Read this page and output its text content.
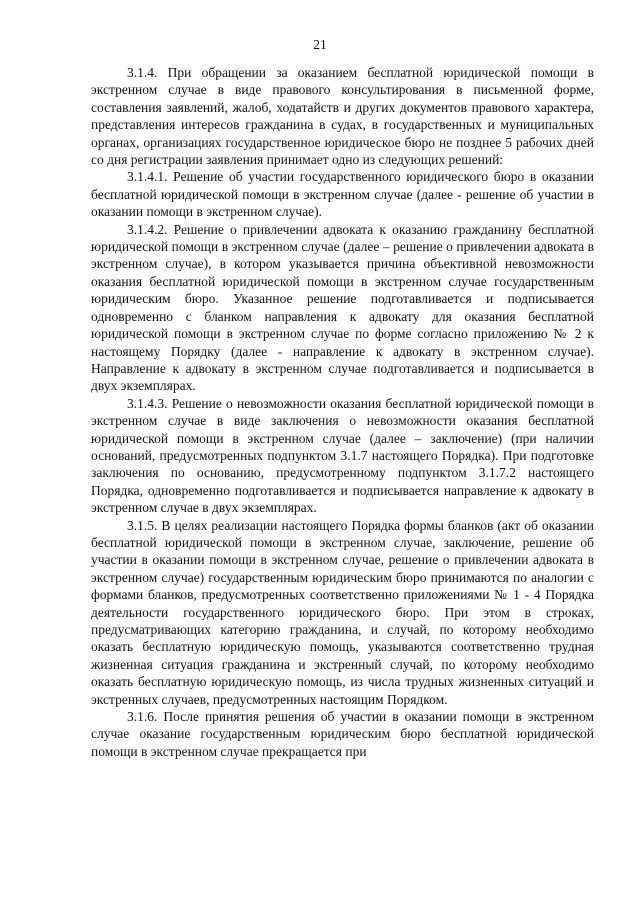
21

3.1.4. При обращении за оказанием бесплатной юридической помощи в экстренном случае в виде правового консультирования в письменной форме, составления заявлений, жалоб, ходатайств и других документов правового характера, представления интересов гражданина в судах, в государственных и муниципальных органах, организациях государственное юридическое бюро не позднее 5 рабочих дней со дня регистрации заявления принимает одно из следующих решений:

3.1.4.1. Решение об участии государственного юридического бюро в оказании бесплатной юридической помощи в экстренном случае (далее - решение об участии в оказании помощи в экстренном случае).

3.1.4.2. Решение о привлечении адвоката к оказанию гражданину бесплатной юридической помощи в экстренном случае (далее – решение о привлечении адвоката в экстренном случае), в котором указывается причина объективной невозможности оказания бесплатной юридической помощи в экстренном случае государственным юридическим бюро. Указанное решение подготавливается и подписывается одновременно с бланком направления к адвокату для оказания бесплатной юридической помощи в экстренном случае по форме согласно приложению № 2 к настоящему Порядку (далее - направление к адвокату в экстренном случае). Направление к адвокату в экстренном случае подготавливается и подписывается в двух экземплярах.

3.1.4.3. Решение о невозможности оказания бесплатной юридической помощи в экстренном случае в виде заключения о невозможности оказания бесплатной юридической помощи в экстренном случае (далее – заключение) (при наличии оснований, предусмотренных подпунктом 3.1.7 настоящего Порядка). При подготовке заключения по основанию, предусмотренному подпунктом 3.1.7.2 настоящего Порядка, одновременно подготавливается и подписывается направление к адвокату в экстренном случае в двух экземплярах.

3.1.5. В целях реализации настоящего Порядка формы бланков (акт об оказании бесплатной юридической помощи в экстренном случае, заключение, решение об участии в оказании помощи в экстренном случае, решение о привлечении адвоката в экстренном случае) государственным юридическим бюро принимаются по аналогии с формами бланков, предусмотренных соответственно приложениями № 1 - 4 Порядка деятельности государственного юридического бюро. При этом в строках, предусматривающих категорию гражданина, и случай, по которому необходимо оказать бесплатную юридическую помощь, указываются соответственно трудная жизненная ситуация гражданина и экстренный случай, по которому необходимо оказать бесплатную юридическую помощь, из числа трудных жизненных ситуаций и экстренных случаев, предусмотренных настоящим Порядком.

3.1.6. После принятия решения об участии в оказании помощи в экстренном случае оказание государственным юридическим бюро бесплатной юридической помощи в экстренном случае прекращается при
